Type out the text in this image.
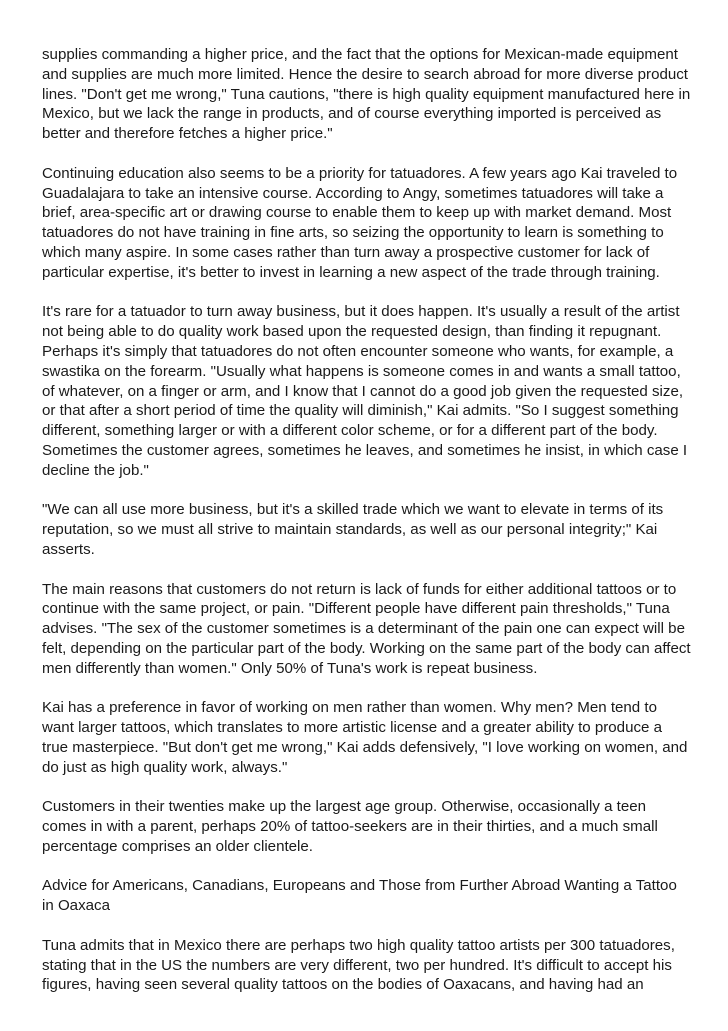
supplies commanding a higher price, and the fact that the options for Mexican-made equipment and supplies are much more limited. Hence the desire to search abroad for more diverse product lines. "Don't get me wrong," Tuna cautions, "there is high quality equipment manufactured here in Mexico, but we lack the range in products, and of course everything imported is perceived as better and therefore fetches a higher price."

Continuing education also seems to be a priority for tatuadores. A few years ago Kai traveled to Guadalajara to take an intensive course. According to Angy, sometimes tatuadores will take a brief, area-specific art or drawing course to enable them to keep up with market demand. Most tatuadores do not have training in fine arts, so seizing the opportunity to learn is something to which many aspire. In some cases rather than turn away a prospective customer for lack of particular expertise, it's better to invest in learning a new aspect of the trade through training.

It's rare for a tatuador to turn away business, but it does happen. It's usually a result of the artist not being able to do quality work based upon the requested design, than finding it repugnant. Perhaps it's simply that tatuadores do not often encounter someone who wants, for example, a swastika on the forearm. "Usually what happens is someone comes in and wants a small tattoo, of whatever, on a finger or arm, and I know that I cannot do a good job given the requested size, or that after a short period of time the quality will diminish," Kai admits. "So I suggest something different, something larger or with a different color scheme, or for a different part of the body. Sometimes the customer agrees, sometimes he leaves, and sometimes he insist, in which case I decline the job."

"We can all use more business, but it's a skilled trade which we want to elevate in terms of its reputation, so we must all strive to maintain standards, as well as our personal integrity;" Kai asserts.

The main reasons that customers do not return is lack of funds for either additional tattoos or to continue with the same project, or pain. "Different people have different pain thresholds," Tuna advises. "The sex of the customer sometimes is a determinant of the pain one can expect will be felt, depending on the particular part of the body. Working on the same part of the body can affect men differently than women." Only 50% of Tuna's work is repeat business.

Kai has a preference in favor of working on men rather than women. Why men? Men tend to want larger tattoos, which translates to more artistic license and a greater ability to produce a true masterpiece. "But don't get me wrong," Kai adds defensively, "I love working on women, and do just as high quality work, always."

Customers in their twenties make up the largest age group. Otherwise, occasionally a teen comes in with a parent, perhaps 20% of tattoo-seekers are in their thirties, and a much small percentage comprises an older clientele.

Advice for Americans, Canadians, Europeans and Those from Further Abroad Wanting a Tattoo in Oaxaca

Tuna admits that in Mexico there are perhaps two high quality tattoo artists per 300 tatuadores, stating that in the US the numbers are very different, two per hundred. It's difficult to accept his figures, having seen several quality tattoos on the bodies of Oaxacans, and having had an
